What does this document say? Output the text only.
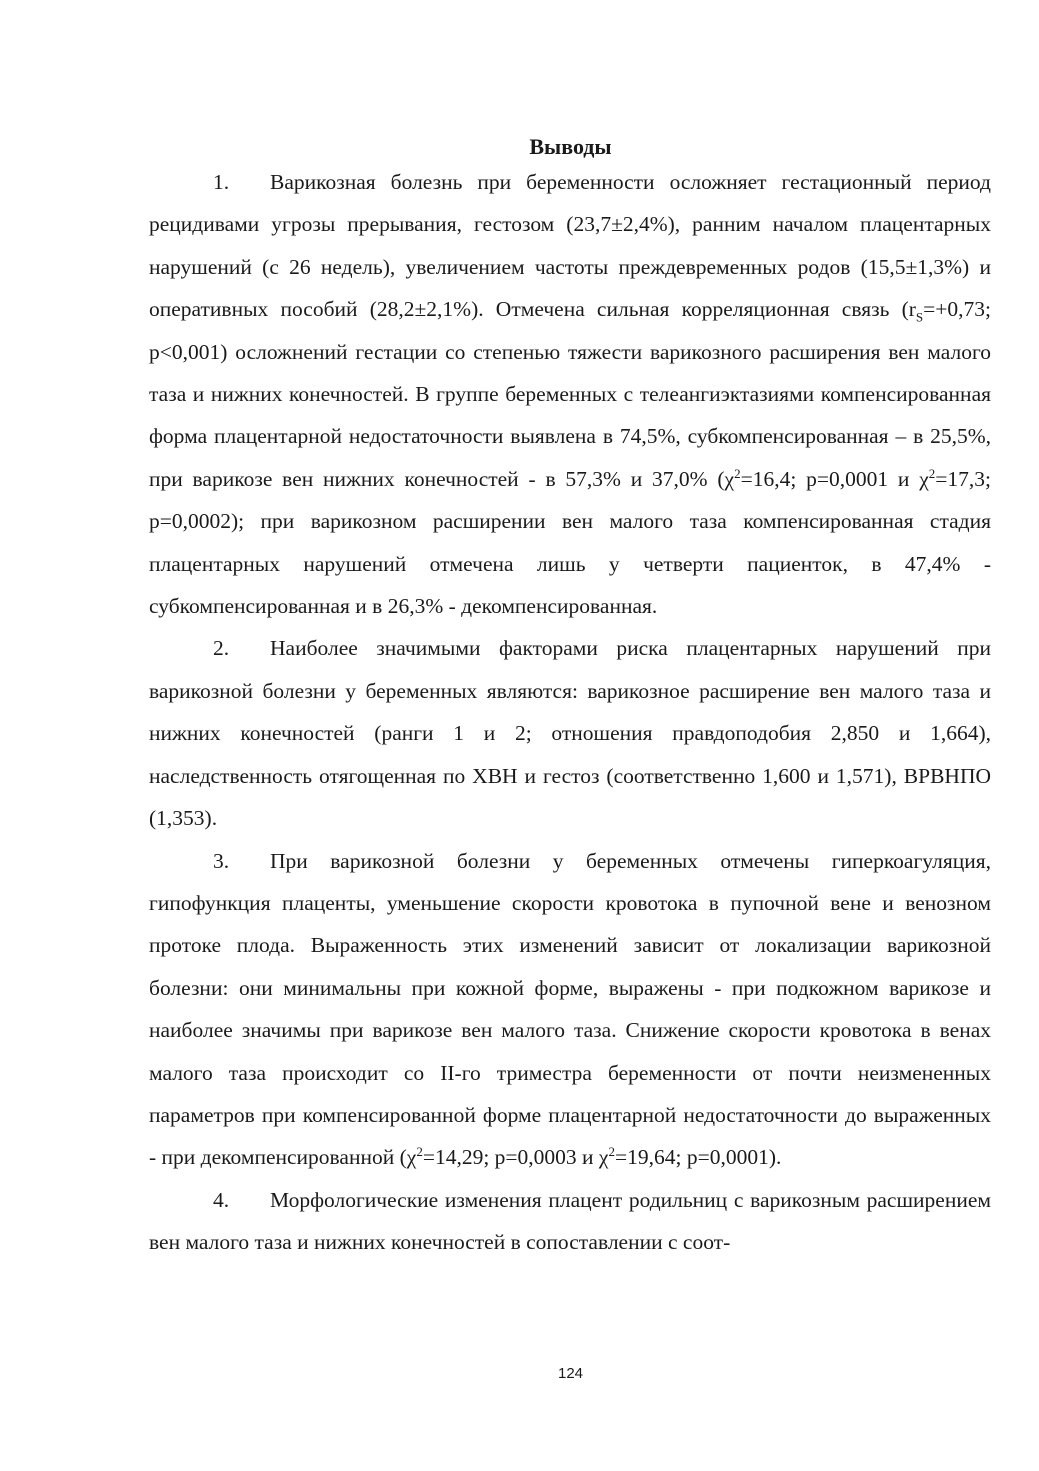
Выводы

1. Варикозная болезнь при беременности осложняет гестационный период рецидивами угрозы прерывания, гестозом (23,7±2,4%), ранним началом плацентарных нарушений (с 26 недель), увеличением частоты преждевременных родов (15,5±1,3%) и оперативных пособий (28,2±2,1%). Отмечена сильная корреляционная связь ($r_S=+0,73$; p<0,001) осложнений гестации со степенью тяжести варикозного расширения вен малого таза и нижних конечностей. В группе беременных с телеангиэктазиями компенсированная форма плацентарной недостаточности выявлена в 74,5%, субкомпенсированная – в 25,5%, при варикозе вен нижних конечностей - в 57,3% и 37,0% ($\chi^2=16,4$; p=0,0001 и $\chi^2=17,3$; p=0,0002); при варикозном расширении вен малого таза компенсированная стадия плацентарных нарушений отмечена лишь у четверти пациенток, в 47,4% - субкомпенсированная и в 26,3% - декомпенсированная.

2. Наиболее значимыми факторами риска плацентарных нарушений при варикозной болезни у беременных являются: варикозное расширение вен малого таза и нижних конечностей (ранги 1 и 2; отношения правдоподобия 2,850 и 1,664), наследственность отягощенная по ХВН и гестоз (соответственно 1,600 и 1,571), ВРВНПО (1,353).

3. При варикозной болезни у беременных отмечены гиперкоагуляция, гипофункция плаценты, уменьшение скорости кровотока в пупочной вене и венозном протоке плода. Выраженность этих изменений зависит от локализации варикозной болезни: они минимальны при кожной форме, выражены - при подкожном варикозе и наиболее значимы при варикозе вен малого таза. Снижение скорости кровотока в венах малого таза происходит со II-го триместра беременности от почти неизмененных параметров при компенсированной форме плацентарной недостаточности до выраженных - при декомпенсированной ($\chi^2=14,29$; p=0,0003 и $\chi^2=19,64$; p=0,0001).

4. Морфологические изменения плацент родильниц с варикозным расширением вен малого таза и нижних конечностей в сопоставлении с соот-

124
